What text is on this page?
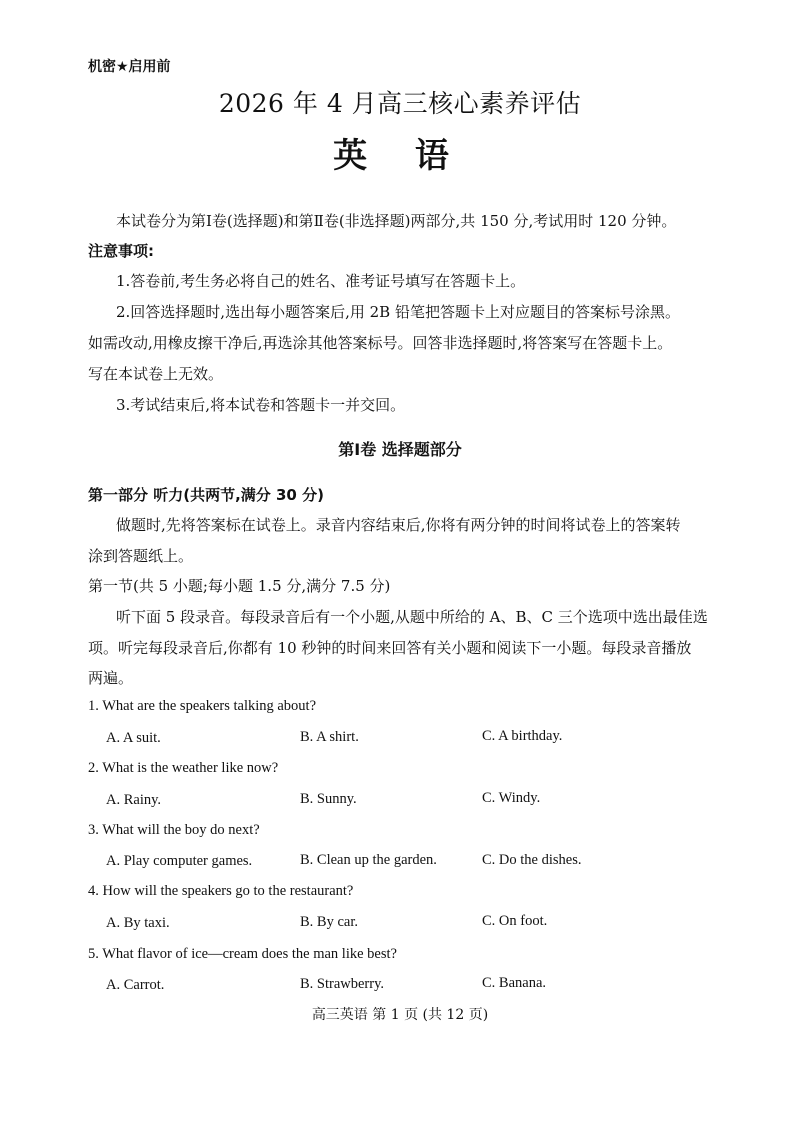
机密★启用前
2026 年 4 月高三核心素养评估
英 语
本试卷分为第Ⅰ卷(选择题)和第Ⅱ卷(非选择题)两部分,共 150 分,考试用时 120 分钟。
注意事项:
1.答卷前,考生务必将自己的姓名、准考证号填写在答题卡上。
2.回答选择题时,选出每小题答案后,用 2B 铅笔把答题卡上对应题目的答案标号涂黑。
如需改动,用橡皮擦干净后,再选涂其他答案标号。回答非选择题时,将答案写在答题卡上。
写在本试卷上无效。
3.考试结束后,将本试卷和答题卡一并交回。
第Ⅰ卷 选择题部分
第一部分 听力(共两节,满分 30 分)
做题时,先将答案标在试卷上。录音内容结束后,你将有两分钟的时间将试卷上的答案转
涂到答题纸上。
第一节(共 5 小题;每小题 1.5 分,满分 7.5 分)
听下面 5 段录音。每段录音后有一个小题,从题中所给的 A、B、C 三个选项中选出最佳选
项。听完每段录音后,你都有 10 秒钟的时间来回答有关小题和阅读下一小题。每段录音播放
两遍。
1. What are the speakers talking about?
A. A suit.	B. A shirt.	C. A birthday.
2. What is the weather like now?
A. Rainy.	B. Sunny.	C. Windy.
3. What will the boy do next?
A. Play computer games.	B. Clean up the garden.	C. Do the dishes.
4. How will the speakers go to the restaurant?
A. By taxi.	B. By car.	C. On foot.
5. What flavor of ice—cream does the man like best?
A. Carrot.	B. Strawberry.	C. Banana.
高三英语 第 1 页 (共 12 页)
